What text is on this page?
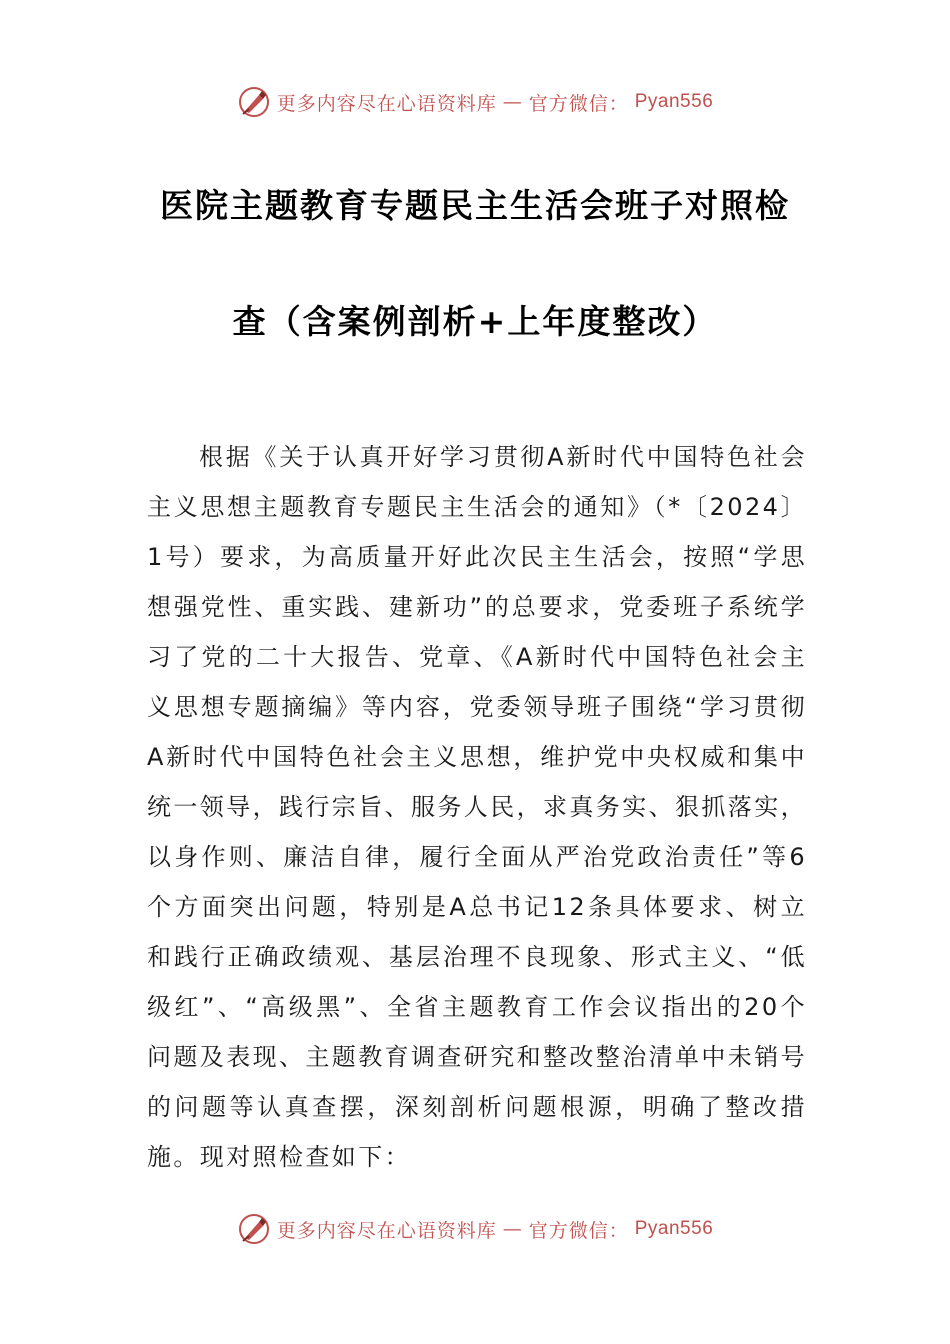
更多内容尽在心语资料库 — 官方微信： Pyan556
医院主题教育专题民主生活会班子对照检
查（含案例剖析+上年度整改）

根据《关于认真开好学习贯彻A新时代中国特色社会主义思想主题教育专题民主生活会的通知》（*〔2024〕1号）要求，为高质量开好此次民主生活会，按照“学思想强党性、重实践、建新功”的总要求，党委班子系统学习了党的二十大报告、党章、《A新时代中国特色社会主义思想专题摘编》等内容，党委领导班子围绕“学习贯彻A新时代中国特色社会主义思想，维护党中央权威和集中统一领导，践行宗旨、服务人民，求真务实、狠抓落实，以身作则、廉洁自律，履行全面从严治党政治责任”等6个方面突出问题，特别是A总书记12条具体要求、树立和践行正确政绩观、基层治理不良现象、形式主义、“低级红”、“高级黑”、全省主题教育工作会议指出的20个问题及表现、主题教育调查研究和整改整治清单中未销号的问题等认真查摆，深刻剖析问题根源，明确了整改措施。现对照检查如下：

更多内容尽在心语资料库 — 官方微信： Pyan556
